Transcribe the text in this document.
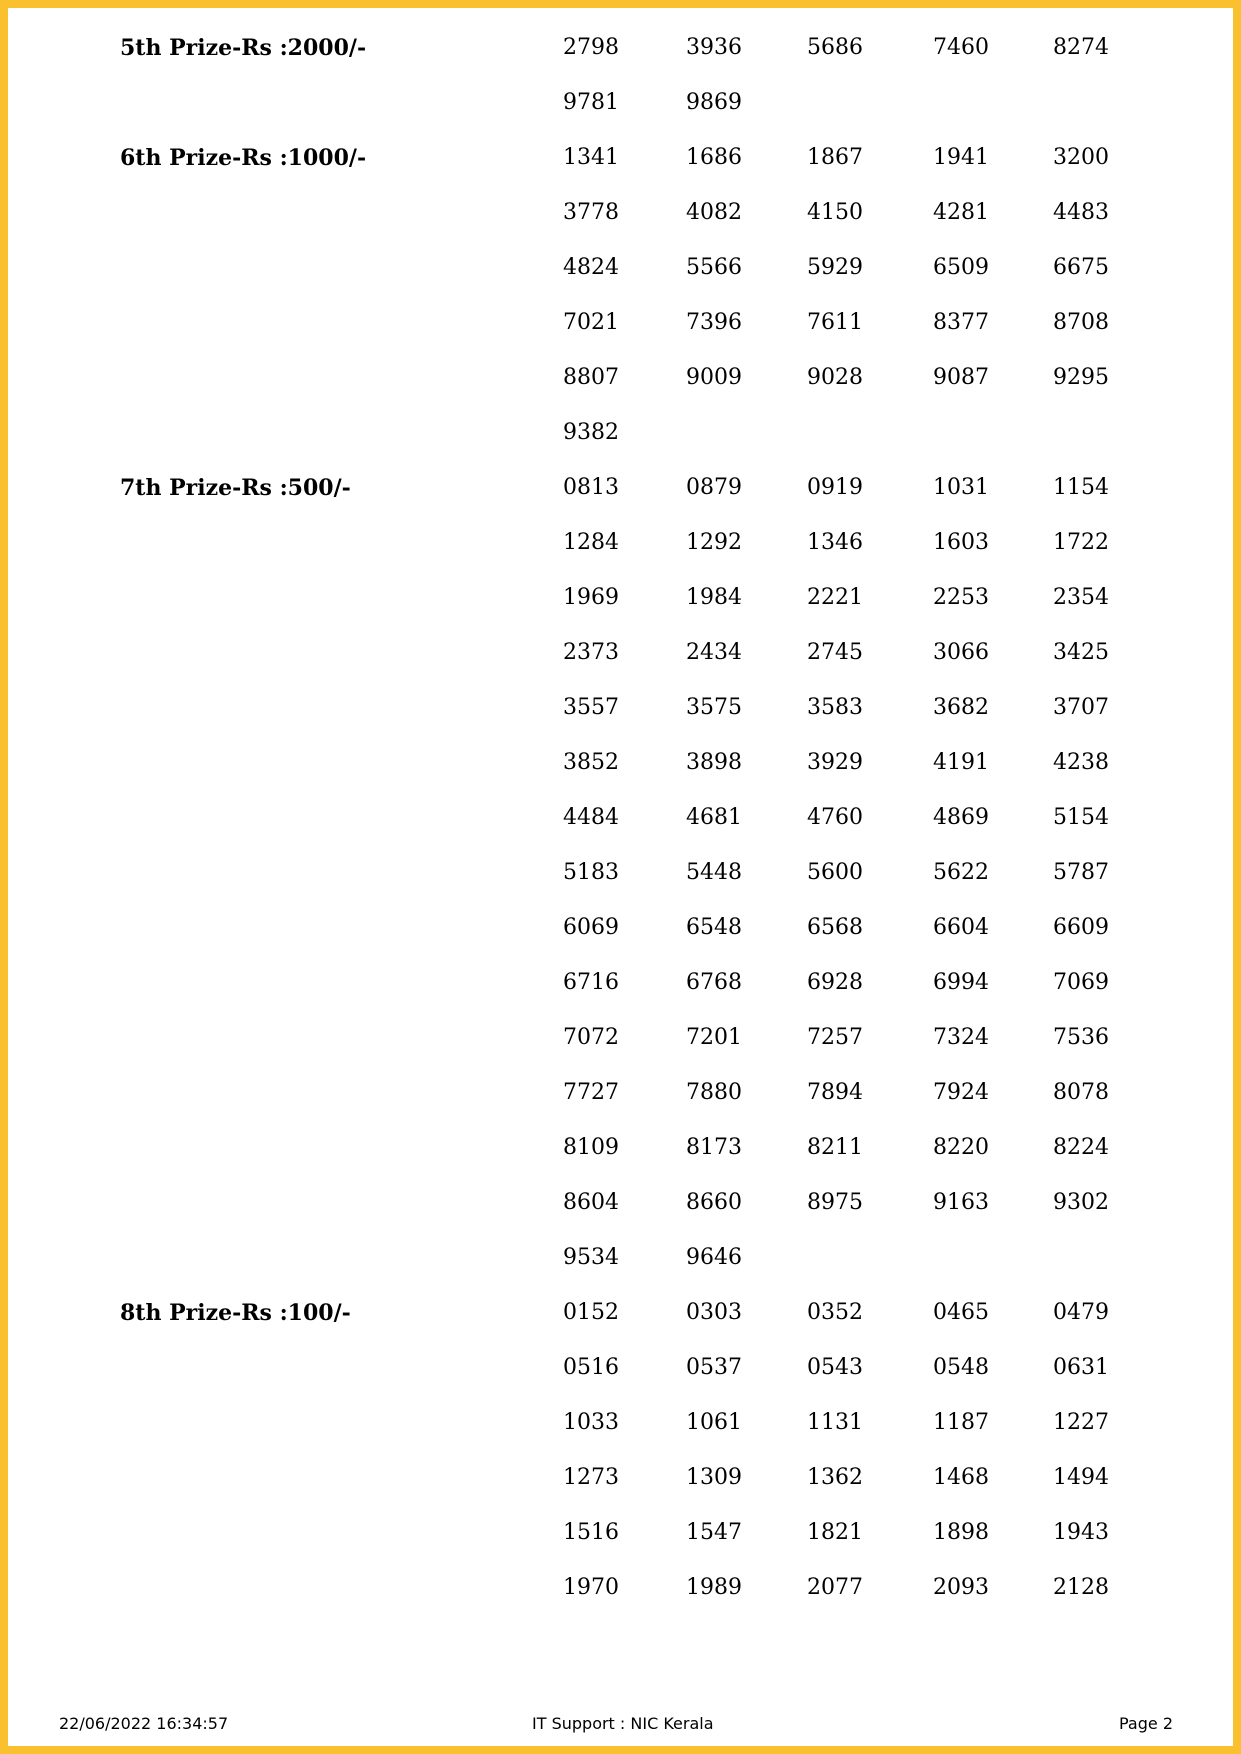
5th Prize-Rs :2000/-	2798	3936	5686	7460	8274
9781	9869
6th Prize-Rs :1000/-	1341	1686	1867	1941	3200
3778	4082	4150	4281	4483
4824	5566	5929	6509	6675
7021	7396	7611	8377	8708
8807	9009	9028	9087	9295
9382
7th Prize-Rs :500/-	0813	0879	0919	1031	1154
1284	1292	1346	1603	1722
1969	1984	2221	2253	2354
2373	2434	2745	3066	3425
3557	3575	3583	3682	3707
3852	3898	3929	4191	4238
4484	4681	4760	4869	5154
5183	5448	5600	5622	5787
6069	6548	6568	6604	6609
6716	6768	6928	6994	7069
7072	7201	7257	7324	7536
7727	7880	7894	7924	8078
8109	8173	8211	8220	8224
8604	8660	8975	9163	9302
9534	9646
8th Prize-Rs :100/-	0152	0303	0352	0465	0479
0516	0537	0543	0548	0631
1033	1061	1131	1187	1227
1273	1309	1362	1468	1494
1516	1547	1821	1898	1943
1970	1989	2077	2093	2128
22/06/2022 16:34:57	IT Support : NIC Kerala	Page 2
